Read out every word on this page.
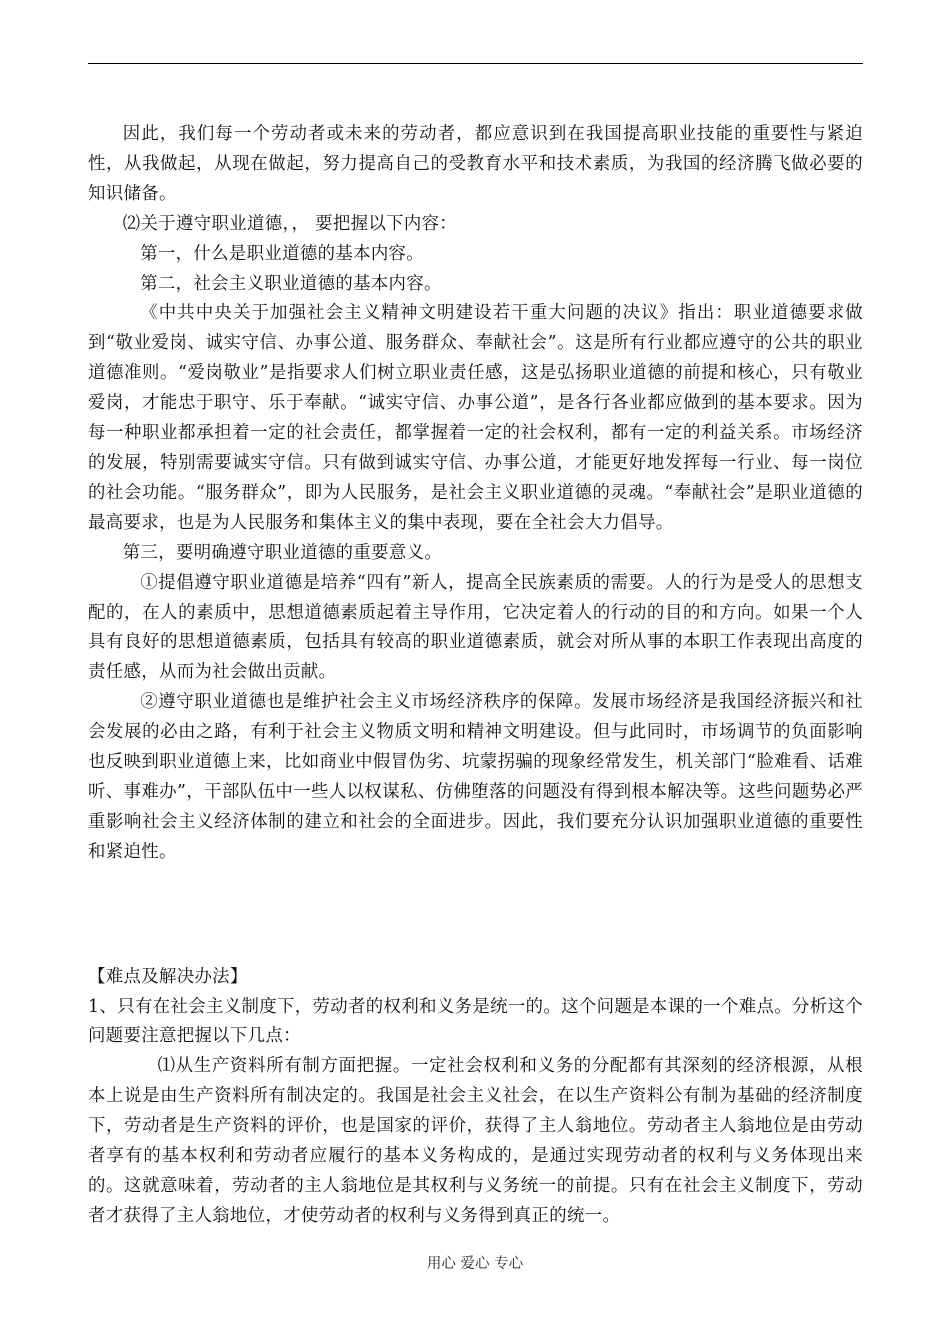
因此，我们每一个劳动者或未来的劳动者，都应意识到在我国提高职业技能的重要性与紧迫性，从我做起，从现在做起，努力提高自己的受教育水平和技术素质，为我国的经济腾飞做必要的知识储备。

⑵关于遵守职业道德，， 要把握以下内容：

第一，什么是职业道德的基本内容。

第二，社会主义职业道德的基本内容。

《中共中央关于加强社会主义精神文明建设若干重大问题的决议》指出：职业道德要求做到“敬业爱岗、诚实守信、办事公道、服务群众、奉献社会”。这是所有行业都应遵守的公共的职业道德准则。“爱岗敬业”是指要求人们树立职业责任感，这是弘扬职业道德的前提和核心，只有敬业爱岗，才能忠于职守、乐于奉献。“诚实守信、办事公道”，是各行各业都应做到的基本要求。因为每一种职业都承担着一定的社会责任，都掌握着一定的社会权利，都有一定的利益关系。市场经济的发展，特别需要诚实守信。只有做到诚实守信、办事公道，才能更好地发挥每一行业、每一岗位的社会功能。“服务群众”，即为人民服务，是社会主义职业道德的灵魂。“奉献社会”是职业道德的最高要求，也是为人民服务和集体主义的集中表现，要在全社会大力倡导。

第三，要明确遵守职业道德的重要意义。

①提倡遵守职业道德是培养“四有”新人，提高全民族素质的需要。人的行为是受人的思想支配的，在人的素质中，思想道德素质起着主导作用，它决定着人的行动的目的和方向。如果一个人具有良好的思想道德素质，包括具有较高的职业道德素质，就会对所从事的本职工作表现出高度的责任感，从而为社会做出贡献。

②遵守职业道德也是维护社会主义市场经济秩序的保障。发展市场经济是我国经济振兴和社会发展的必由之路，有利于社会主义物质文明和精神文明建设。但与此同时，市场调节的负面影响也反映到职业道德上来，比如商业中假冒伪劣、坑蒙拐骗的现象经常发生，机关部门“脸难看、话难听、事难办”，干部队伍中一些人以权谋私、仿佛堕落的问题没有得到根本解决等。这些问题势必严重影响社会主义经济体制的建立和社会的全面进步。因此，我们要充分认识加强职业道德的重要性和紧迫性。

【难点及解决办法】

1、只有在社会主义制度下，劳动者的权利和义务是统一的。这个问题是本课的一个难点。分析这个问题要注意把握以下几点：

⑴从生产资料所有制方面把握。一定社会权利和义务的分配都有其深刻的经济根源，从根本上说是由生产资料所有制决定的。我国是社会主义社会，在以生产资料公有制为基础的经济制度下，劳动者是生产资料的评价，也是国家的评价，获得了主人翁地位。劳动者主人翁地位是由劳动者享有的基本权利和劳动者应履行的基本义务构成的，是通过实现劳动者的权利与义务体现出来的。这就意味着，劳动者的主人翁地位是其权利与义务统一的前提。只有在社会主义制度下，劳动者才获得了主人翁地位，才使劳动者的权利与义务得到真正的统一。

用心 爱心 专心
